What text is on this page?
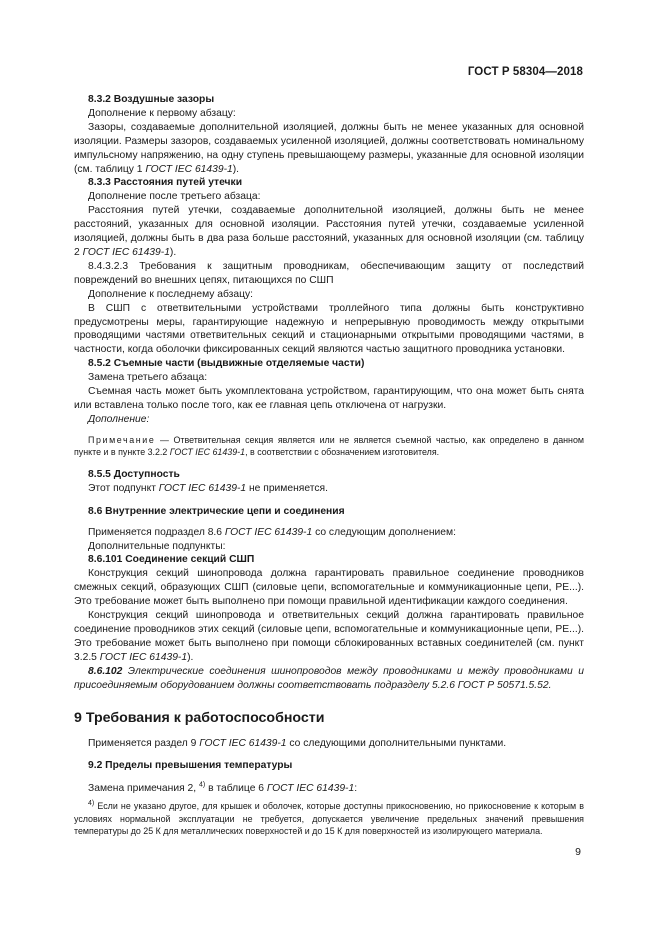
ГОСТ Р 58304—2018

8.3.2 Воздушные зазоры

Дополнение к первому абзацу:

Зазоры, создаваемые дополнительной изоляцией, должны быть не менее указанных для основной изоляции. Размеры зазоров, создаваемых усиленной изоляцией, должны соответствовать номинальному импульсному напряжению, на одну ступень превышающему размеры, указанные для основной изоляции (см. таблицу 1 ГОСТ IEC 61439-1).

8.3.3 Расстояния путей утечки

Дополнение после третьего абзаца:

Расстояния путей утечки, создаваемые дополнительной изоляцией, должны быть не менее расстояний, указанных для основной изоляции. Расстояния путей утечки, создаваемые усиленной изоляцией, должны быть в два раза больше расстояний, указанных для основной изоляции (см. таблицу 2 ГОСТ IEC 61439-1).

8.4.3.2.3 Требования к защитным проводникам, обеспечивающим защиту от последствий повреждений во внешних цепях, питающихся по СШП

Дополнение к последнему абзацу:

В СШП с ответвительными устройствами троллейного типа должны быть конструктивно предусмотрены меры, гарантирующие надежную и непрерывную проводимость между открытыми проводящими частями ответвительных секций и стационарными открытыми проводящими частями, в частности, когда оболочки фиксированных секций являются частью защитного проводника установки.

8.5.2 Съемные части (выдвижные отделяемые части)

Замена третьего абзаца:

Съемная часть может быть укомплектована устройством, гарантирующим, что она может быть снята или вставлена только после того, как ее главная цепь отключена от нагрузки.

Дополнение:

Примечание — Ответвительная секция является или не является съемной частью, как определено в данном пункте и в пункте 3.2.2 ГОСТ IEC 61439-1, в соответствии с обозначением изготовителя.

8.5.5 Доступность

Этот подпункт ГОСТ IEC 61439-1 не применяется.

8.6 Внутренние электрические цепи и соединения

Применяется подраздел 8.6 ГОСТ IEC 61439-1 со следующим дополнением:

Дополнительные подпункты:

8.6.101 Соединение секций СШП

Конструкция секций шинопровода должна гарантировать правильное соединение проводников смежных секций, образующих СШП (силовые цепи, вспомогательные и коммуникационные цепи, РЕ...). Это требование может быть выполнено при помощи правильной идентификации каждого соединения.

Конструкция секций шинопровода и ответвительных секций должна гарантировать правильное соединение проводников этих секций (силовые цепи, вспомогательные и коммуникационные цепи, РЕ...). Это требование может быть выполнено при помощи сблокированных вставных соединителей (см. пункт 3.2.5 ГОСТ IEC 61439-1).

8.6.102 Электрические соединения шинопроводов между проводниками и между проводниками и присоединяемым оборудованием должны соответствовать подразделу 5.2.6 ГОСТ Р 50571.5.52.

9 Требования к работоспособности

Применяется раздел 9 ГОСТ IEC 61439-1 со следующими дополнительными пунктами.

9.2 Пределы превышения температуры

Замена примечания 2, $^{4)}$ в таблице 6 ГОСТ IEC 61439-1:

$^{4)}$ Если не указано другое, для крышек и оболочек, которые доступны прикосновению, но прикосновение к которым в условиях нормальной эксплуатации не требуется, допускается увеличение предельных значений превышения температуры до 25 К для металлических поверхностей и до 15 К для поверхностей из изолирующего материала.

9
